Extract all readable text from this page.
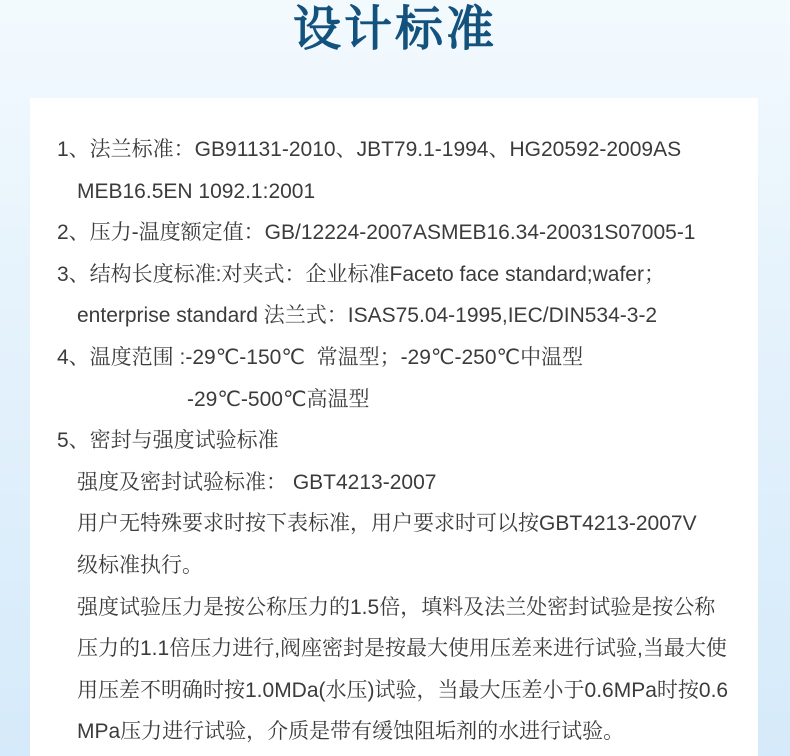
设计标准

1、法兰标准：GB91131-2010、JBT79.1-1994、HG20592-2009AS

MEB16.5EN 1092.1:2001

2、压力-温度额定值：GB/12224-2007ASMEB16.34-20031S07005-1

3、结构长度标准:对夹式：企业标准Faceto face standard;wafer；

enterprise standard 法兰式：ISAS75.04-1995,IEC/DIN534-3-2

4、温度范围 :-29℃-150℃  常温型；-29℃-250℃中温型

-29℃-500℃高温型

5、密封与强度试验标准

强度及密封试验标准： GBT4213-2007

用户无特殊要求时按下表标准，用户要求时可以按GBT4213-2007V

级标准执行。

强度试验压力是按公称压力的1.5倍，填料及法兰处密封试验是按公称

压力的1.1倍压力进行,阀座密封是按最大使用压差来进行试验,当最大使

用压差不明确时按1.0MDa(水压)试验，当最大压差小于0.6MPa时按0.6

MPa压力进行试验，介质是带有缓蚀阻垢剂的水进行试验。
